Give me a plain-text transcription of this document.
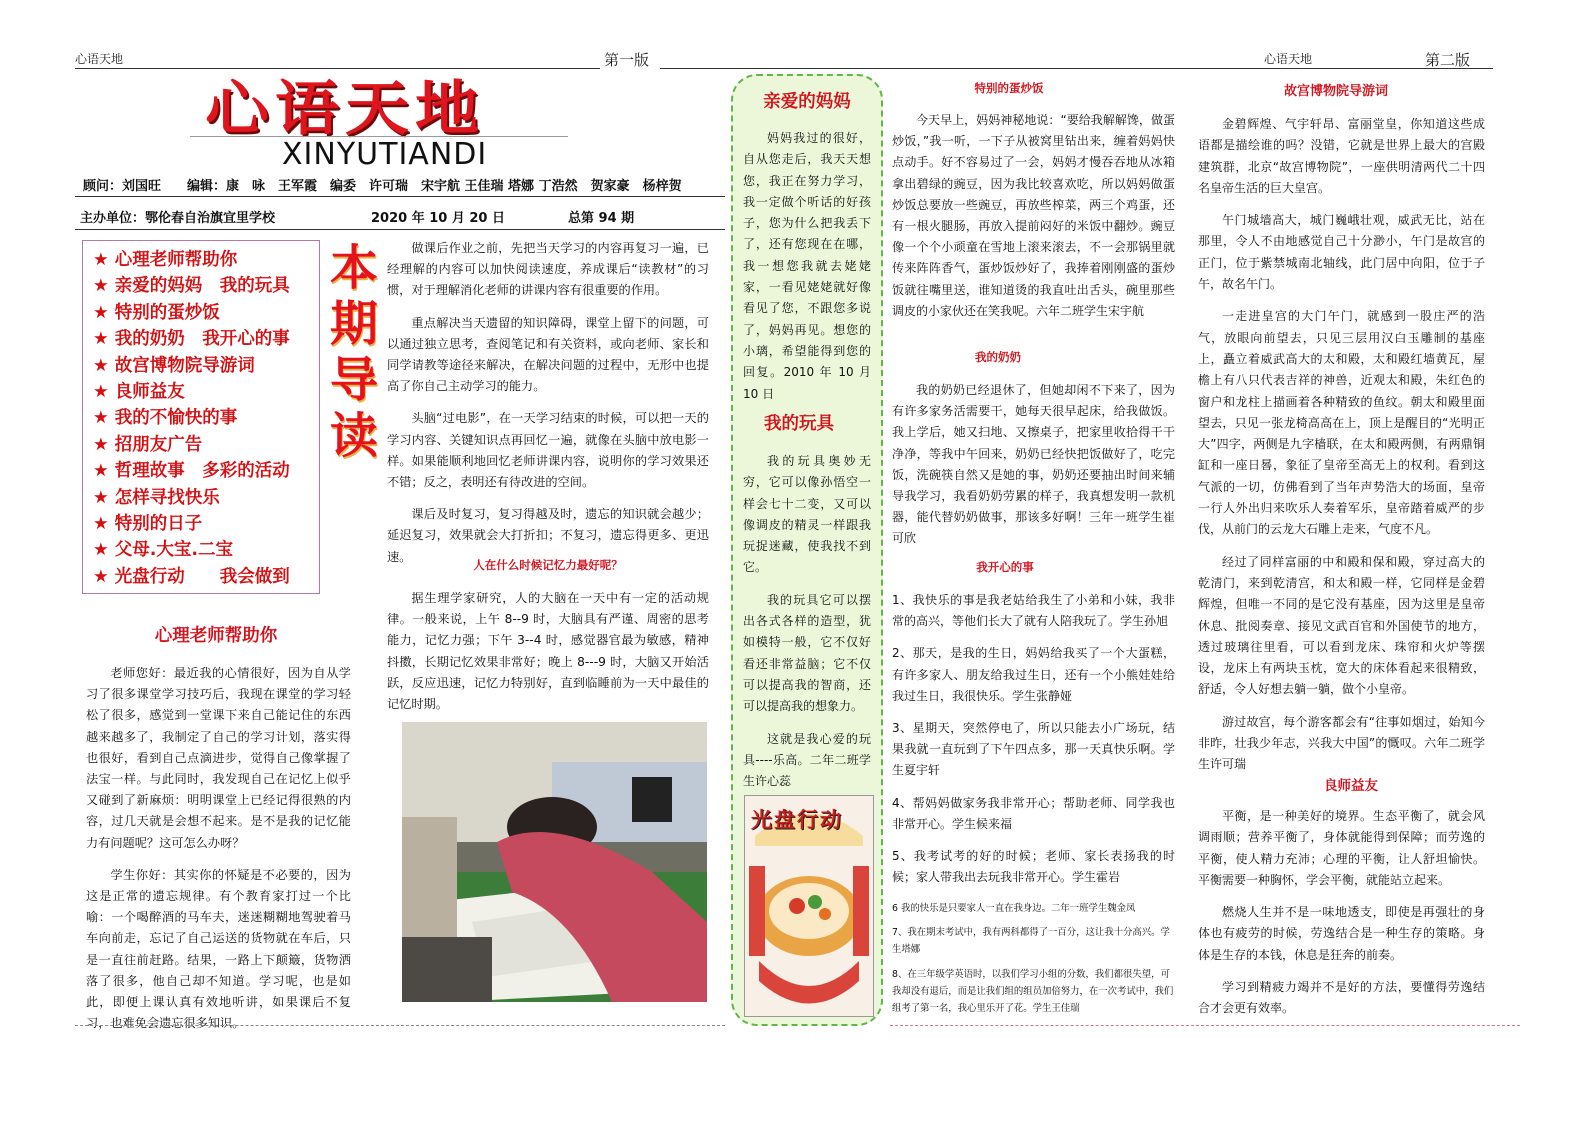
心语天地	第一版	心语天地	第二版
心语天地
XINYUTIANDI
顾问：刘国旺　　编辑：康　咏　王军霞　编委　许可瑞　宋宇航 王佳瑞 塔娜 丁浩然　贺家豪　杨梓贺
主办单位：鄂伦春自治旗宜里学校	2020 年 10 月 20 日	总第 94 期
★ 心理老师帮助你
★ 亲爱的妈妈　我的玩具
★ 特别的蛋炒饭
★ 我的奶奶　我开心的事
★ 故宫博物院导游词
★ 良师益友
★ 我的不愉快的事
★ 招朋友广告
★ 哲理故事　多彩的活动
★ 怎样寻找快乐
★ 特别的日子
★ 父母.大宝.二宝
★ 光盘行动　　我会做到
本
期
导
读
心理老师帮助你

老师您好：最近我的心情很好，因为自从学习了很多课堂学习技巧后，我现在课堂的学习轻松了很多，感觉到一堂课下来自己能记住的东西越来越多了，我制定了自己的学习计划，落实得也很好，看到自己点滴进步，觉得自己像掌握了法宝一样。与此同时，我发现自己在记忆上似乎又碰到了新麻烦：明明课堂上已经记得很熟的内容，过几天就是会想不起来。是不是我的记忆能力有问题呢？这可怎么办呀？

学生你好：其实你的怀疑是不必要的，因为这是正常的遗忘规律。有个教育家打过一个比喻：一个喝醉酒的马车夫，迷迷糊糊地驾驶着马车向前走，忘记了自己运送的货物就在车后，只是一直往前赶路。结果，一路上下颠簸，货物洒落了很多，他自己却不知道。学习呢，也是如此，即便上课认真有效地听讲，如果课后不复习，也难免会遗忘很多知识。

做课后作业之前，先把当天学习的内容再复习一遍，已经理解的内容可以加快阅读速度，养成课后“读教材”的习惯，对于理解消化老师的讲课内容有很重要的作用。

重点解决当天遗留的知识障碍，课堂上留下的问题，可以通过独立思考，查阅笔记和有关资料，或向老师、家长和同学请教等途径来解决，在解决问题的过程中，无形中也提高了你自己主动学习的能力。

头脑“过电影”，在一天学习结束的时候，可以把一天的学习内容、关键知识点再回忆一遍，就像在头脑中放电影一样。如果能顺利地回忆老师讲课内容，说明你的学习效果还不错；反之，表明还有待改进的空间。

课后及时复习，复习得越及时，遗忘的知识就会越少；延迟复习，效果就会大打折扣；不复习，遗忘得更多、更迅速。

人在什么时候记忆力最好呢？

据生理学家研究，人的大脑在一天中有一定的活动规律。一般来说，上午 8--9 时，大脑具有严谨、周密的思考能力，记忆力强；下午 3--4 时，感觉器官最为敏感，精神抖擞，长期记忆效果非常好；晚上 8---9 时，大脑又开始活跃，反应迅速，记忆力特别好，直到临睡前为一天中最佳的记忆时期。

亲爱的妈妈

妈妈我过的很好，自从您走后，我天天想您，我正在努力学习，我一定做个听话的好孩子，您为什么把我丢下了，还有您现在在哪，我一想您我就去姥姥家，一看见姥姥就好像看见了您，不跟您多说了，妈妈再见。想您的小璃，希望能得到您的回复。2010 年 10 月 10 日

我的玩具

我的玩具奥妙无穷，它可以像孙悟空一样会七十二变，又可以像调皮的精灵一样跟我玩捉迷藏，使我找不到它。

我的玩具它可以摆出各式各样的造型，犹如模特一般，它不仅好看还非常益脑；它不仅可以提高我的智商，还可以提高我的想象力。

这就是我心爱的玩具----乐高。二年二班学生许心蕊

光盘行动
特别的蛋炒饭

今天早上，妈妈神秘地说：“要给我解解馋，做蛋炒饭，”我一听，一下子从被窝里钻出来，缠着妈妈快点动手。好不容易过了一会，妈妈才慢吞吞地从冰箱拿出碧绿的豌豆，因为我比较喜欢吃，所以妈妈做蛋炒饭总要放一些豌豆，再放些榨菜，两三个鸡蛋，还有一根火腿肠，再放入提前闷好的米饭中翻炒。豌豆像一个个小顽童在雪地上滚来滚去，不一会那锅里就传来阵阵香气，蛋炒饭炒好了，我捧着刚刚盛的蛋炒饭就往嘴里送，谁知道烫的我直吐出舌头，碗里那些调皮的小家伙还在笑我呢。六年二班学生宋宇航

我的奶奶

我的奶奶已经退休了，但她却闲不下来了，因为有许多家务活需要干，她每天很早起床，给我做饭。我上学后，她又扫地、又擦桌子，把家里收拾得干干净净，等我中午回来，奶奶已经快把饭做好了，吃完饭，洗碗筷自然又是她的事，奶奶还要抽出时间来辅导我学习，我看奶奶劳累的样子，我真想发明一款机器，能代替奶奶做事，那该多好啊！三年一班学生崔可欣

我开心的事

1、我快乐的事是我老姑给我生了小弟和小妹，我非常的高兴，等他们长大了就有人陪我玩了。学生孙旭

2、那天，是我的生日，妈妈给我买了一个大蛋糕，有许多家人、朋友给我过生日，还有一个小熊娃娃给我过生日，我很快乐。学生张静娅

3、星期天，突然停电了，所以只能去小广场玩，结果我就一直玩到了下午四点多，那一天真快乐啊。学生夏宇轩

4、帮妈妈做家务我非常开心；帮助老师、同学我也非常开心。学生候来福

5、我考试考的好的时候；老师、家长表扬我的时候；家人带我出去玩我非常开心。学生霍岩

6 我的快乐是只要家人一直在我身边。二年一班学生魏金凤

7、我在期末考试中，我有两科都得了一百分，这让我十分高兴。学生塔娜

8、在三年级学英语时，以我们学习小组的分数，我们都很失望，可我却没有退后，而是让我们组的组员加倍努力，在一次考试中，我们组考了第一名，我心里乐开了花。学生王佳瑞

故宫博物院导游词

金碧辉煌、气宇轩昂、富丽堂皇，你知道这些成语都是描绘谁的吗？没错，它就是世界上最大的宫殿建筑群，北京“故宫博物院”，一座供明清两代二十四名皇帝生活的巨大皇宫。

午门城墙高大，城门巍峨壮观，威武无比，站在那里，令人不由地感觉自己十分渺小，午门是故宫的正门，位于紫禁城南北轴线，此门居中向阳，位于子午，故名午门。

一走进皇宫的大门午门，就感到一股庄严的浩气，放眼向前望去，只见三层用汉白玉雕制的基座上，矗立着威武高大的太和殿，太和殿红墙黄瓦，屋檐上有八只代表吉祥的神兽，近观太和殿，朱红色的窗户和龙柱上描画着各种精致的鱼纹。朝太和殿里面望去，只见一张龙椅高高在上，顶上是醒目的“光明正大”四字，两侧是九字樯联，在太和殿两侧，有两鼎铜缸和一座日晷，象征了皇帝至高无上的权利。看到这气派的一切，仿佛看到了当年声势浩大的场面，皇帝一行人外出归来吹乐人奏着军乐，皇帝踏着威严的步伐，从前门的云龙大石雕上走来，气度不凡。

经过了同样富丽的中和殿和保和殿，穿过高大的乾清门，来到乾清宫，和太和殿一样，它同样是金碧辉煌，但唯一不同的是它没有基座，因为这里是皇帝休息、批阅奏章、接见文武百官和外国使节的地方，透过玻璃往里看，可以看到龙床、珠帘和火炉等摆设，龙床上有两块玉枕，宽大的床体看起来很精致，舒适，令人好想去躺一躺，做个小皇帝。

游过故宫，每个游客都会有“往事如烟过，始知今非昨，壮我少年志，兴我大中国”的慨叹。六年二班学生许可瑞

良师益友

平衡，是一种美好的境界。生态平衡了，就会风调雨顺；营养平衡了，身体就能得到保障；而劳逸的平衡，使人精力充沛；心理的平衡，让人舒坦愉快。平衡需要一种胸怀，学会平衡，就能站立起来。

燃烧人生并不是一味地透支，即使是再强壮的身体也有疲劳的时候，劳逸结合是一种生存的策略。身体是生存的本钱，休息是狂奔的前奏。

学习到精疲力竭并不是好的方法，要懂得劳逸结合才会更有效率。
